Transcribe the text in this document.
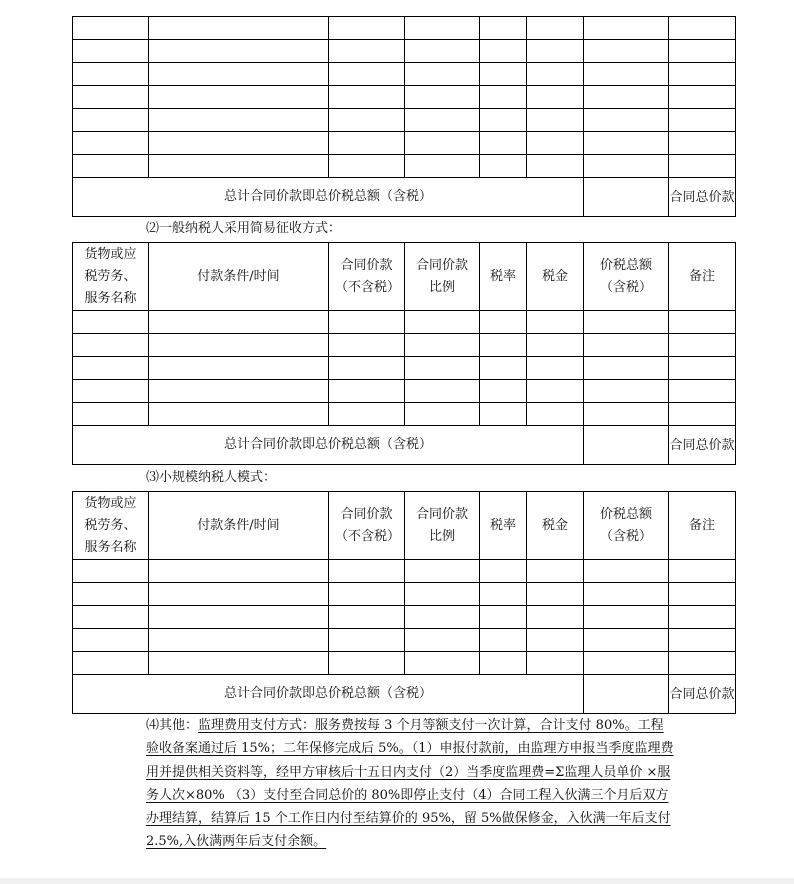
总计合同价款即总价税总额（含税）							合同总价款
⑵一般纳税人采用简易征收方式：
货物或应税劳务、服务名称	付款条件/时间	合同价款（不含税）	合同价款比例	税率	税金	价税总额（含税）	备注

总计合同价款即总价税总额（含税）							合同总价款
⑶小规模纳税人模式：
货物或应税劳务、服务名称	付款条件/时间	合同价款（不含税）	合同价款比例	税率	税金	价税总额（含税）	备注

总计合同价款即总价税总额（含税）							合同总价款
⑷其他：监理费用支付方式：服务费按每 3 个月等额支付一次计算，合计支付 80%。工程验收备案通过后 15%；二年保修完成后 5%。（1）申报付款前，由监理方申报当季度监理费用并提供相关资料等，经甲方审核后十五日内支付（2）当季度监理费=Σ监理人员单价 ×服务人次×80% （3）支付至合同总价的 80%即停止支付（4）合同工程入伙满三个月后双方办理结算，结算后 15 个工作日内付至结算价的 95%，留 5%做保修金，入伙满一年后支付 2.5%,入伙满两年后支付余额。
